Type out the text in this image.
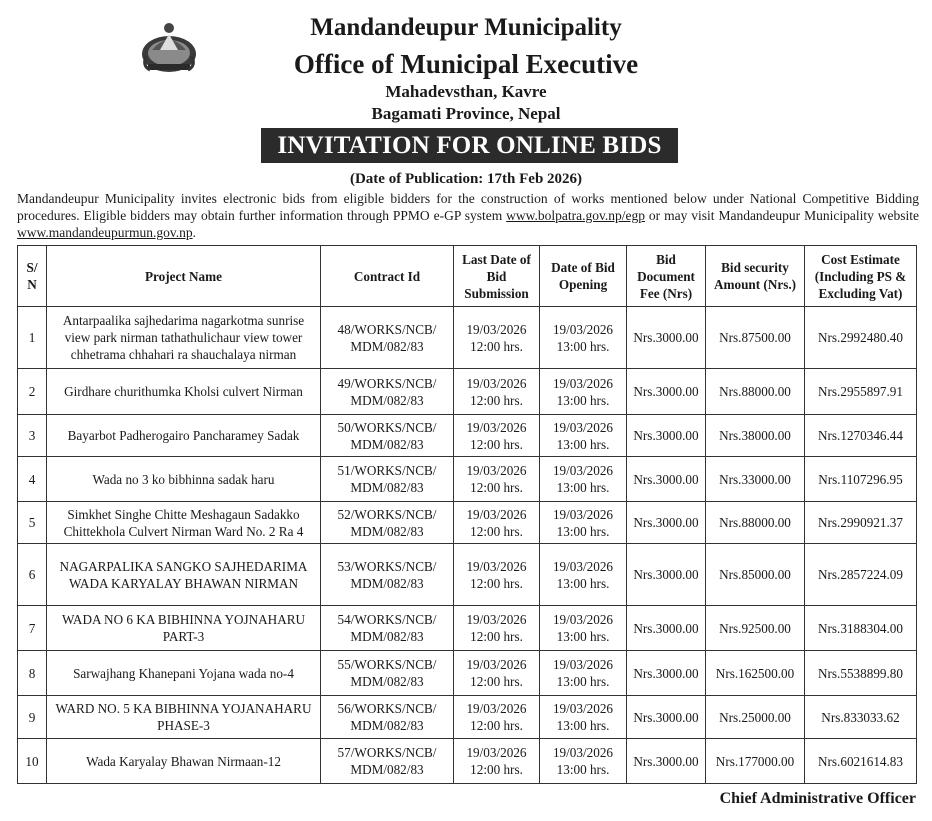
Mandandeupur Municipality
Office of Municipal Executive
Mahadevsthan, Kavre
Bagamati Province, Nepal
INVITATION FOR ONLINE BIDS
(Date of Publication: 17th Feb 2026)
Mandandeupur Municipality invites electronic bids from eligible bidders for the construction of works mentioned below under National Competitive Bidding procedures. Eligible bidders may obtain further information through PPMO e-GP system www.bolpatra.gov.np/egp or may visit Mandandeupur Municipality website www.mandandeupurmun.gov.np.
S/ N	Project Name	Contract Id	Last Date of Bid Submission	Date of Bid Opening	Bid Document Fee (Nrs)	Bid security Amount (Nrs.)	Cost Estimate (Including PS & Excluding Vat)
1	Antarpaalika sajhedarima nagarkotma sunrise view park nirman tathathulichaur view tower chhetrama chhahari ra shauchalaya nirman	48/WORKS/NCB/ MDM/082/83	19/03/2026 12:00 hrs.	19/03/2026 13:00 hrs.	Nrs.3000.00	Nrs.87500.00	Nrs.2992480.40
2	Girdhare churithumka Kholsi culvert Nirman	49/WORKS/NCB/ MDM/082/83	19/03/2026 12:00 hrs.	19/03/2026 13:00 hrs.	Nrs.3000.00	Nrs.88000.00	Nrs.2955897.91
3	Bayarbot Padherogairo Pancharamey Sadak	50/WORKS/NCB/ MDM/082/83	19/03/2026 12:00 hrs.	19/03/2026 13:00 hrs.	Nrs.3000.00	Nrs.38000.00	Nrs.1270346.44
4	Wada no 3 ko bibhinna sadak haru	51/WORKS/NCB/ MDM/082/83	19/03/2026 12:00 hrs.	19/03/2026 13:00 hrs.	Nrs.3000.00	Nrs.33000.00	Nrs.1107296.95
5	Simkhet Singhe Chitte Meshagaun Sadakko Chittekhola Culvert Nirman Ward No. 2 Ra 4	52/WORKS/NCB/ MDM/082/83	19/03/2026 12:00 hrs.	19/03/2026 13:00 hrs.	Nrs.3000.00	Nrs.88000.00	Nrs.2990921.37
6	NAGARPALIKA SANGKO SAJHEDARIMA WADA KARYALAY BHAWAN NIRMAN	53/WORKS/NCB/ MDM/082/83	19/03/2026 12:00 hrs.	19/03/2026 13:00 hrs.	Nrs.3000.00	Nrs.85000.00	Nrs.2857224.09
7	WADA NO 6 KA BIBHINNA YOJNAHARU PART-3	54/WORKS/NCB/ MDM/082/83	19/03/2026 12:00 hrs.	19/03/2026 13:00 hrs.	Nrs.3000.00	Nrs.92500.00	Nrs.3188304.00
8	Sarwajhang Khanepani Yojana wada no-4	55/WORKS/NCB/ MDM/082/83	19/03/2026 12:00 hrs.	19/03/2026 13:00 hrs.	Nrs.3000.00	Nrs.162500.00	Nrs.5538899.80
9	WARD NO. 5 KA BIBHINNA YOJANAHARU PHASE-3	56/WORKS/NCB/ MDM/082/83	19/03/2026 12:00 hrs.	19/03/2026 13:00 hrs.	Nrs.3000.00	Nrs.25000.00	Nrs.833033.62
10	Wada Karyalay Bhawan Nirmaan-12	57/WORKS/NCB/ MDM/082/83	19/03/2026 12:00 hrs.	19/03/2026 13:00 hrs.	Nrs.3000.00	Nrs.177000.00	Nrs.6021614.83
Chief Administrative Officer
